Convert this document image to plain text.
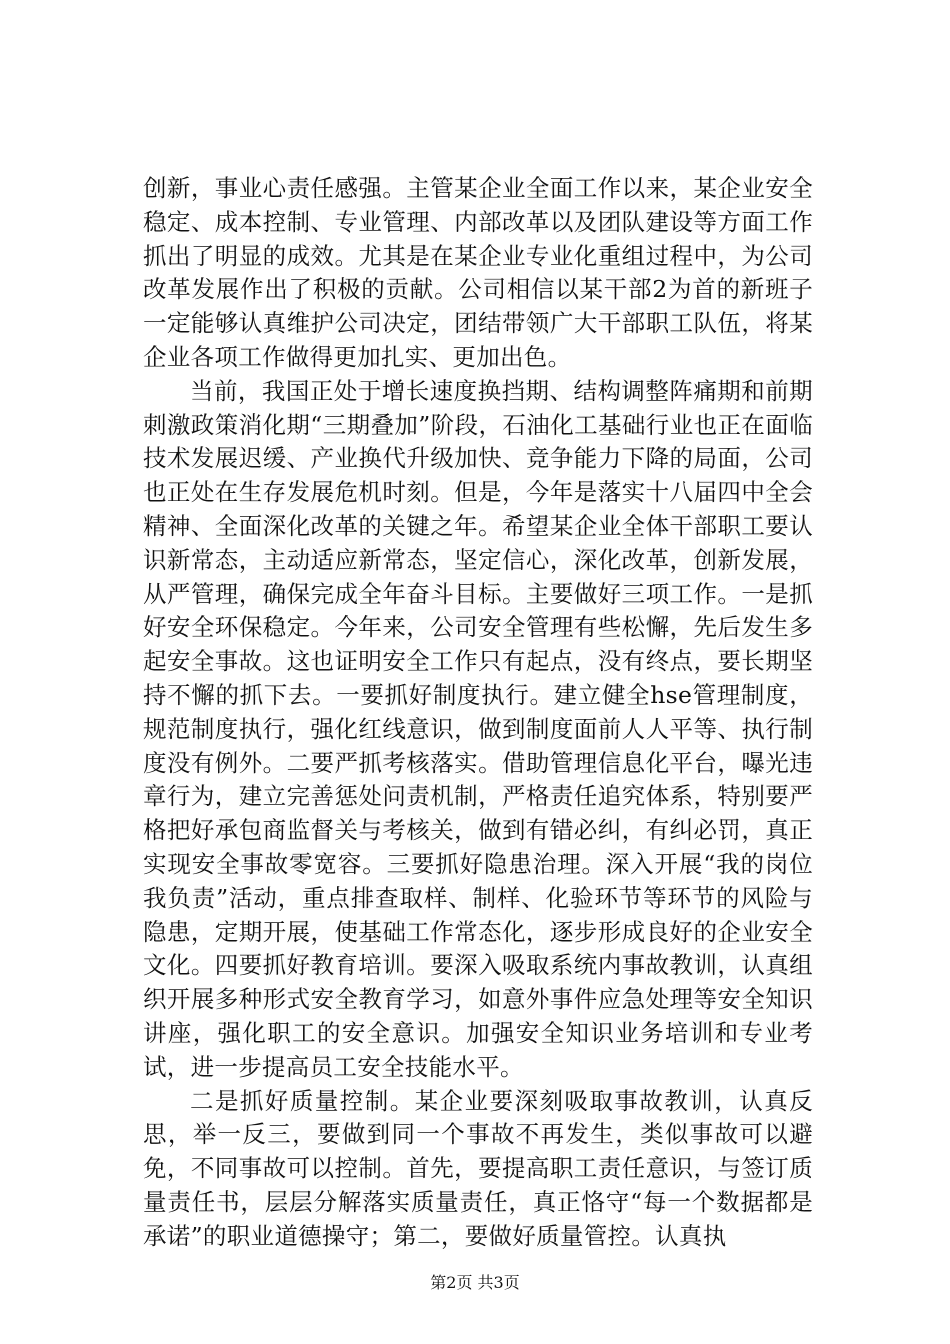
创新，事业心责任感强。主管某企业全面工作以来，某企业安全稳定、成本控制、专业管理、内部改革以及团队建设等方面工作抓出了明显的成效。尤其是在某企业专业化重组过程中，为公司改革发展作出了积极的贡献。公司相信以某干部2为首的新班子一定能够认真维护公司决定，团结带领广大干部职工队伍，将某企业各项工作做得更加扎实、更加出色。

当前，我国正处于增长速度换挡期、结构调整阵痛期和前期刺激政策消化期“三期叠加”阶段，石油化工基础行业也正在面临技术发展迟缓、产业换代升级加快、竞争能力下降的局面，公司也正处在生存发展危机时刻。但是，今年是落实十八届四中全会精神、全面深化改革的关键之年。希望某企业全体干部职工要认识新常态，主动适应新常态，坚定信心，深化改革，创新发展，从严管理，确保完成全年奋斗目标。主要做好三项工作。一是抓好安全环保稳定。今年来，公司安全管理有些松懈，先后发生多起安全事故。这也证明安全工作只有起点，没有终点，要长期坚持不懈的抓下去。一要抓好制度执行。建立健全hse管理制度，规范制度执行，强化红线意识，做到制度面前人人平等、执行制度没有例外。二要严抓考核落实。借助管理信息化平台，曝光违章行为，建立完善惩处问责机制，严格责任追究体系，特别要严格把好承包商监督关与考核关，做到有错必纠，有纠必罚，真正实现安全事故零宽容。三要抓好隐患治理。深入开展“我的岗位我负责”活动，重点排查取样、制样、化验环节等环节的风险与隐患，定期开展，使基础工作常态化，逐步形成良好的企业安全文化。四要抓好教育培训。要深入吸取系统内事故教训，认真组织开展多种形式安全教育学习，如意外事件应急处理等安全知识讲座，强化职工的安全意识。加强安全知识业务培训和专业考试，进一步提高员工安全技能水平。

二是抓好质量控制。某企业要深刻吸取事故教训，认真反思，举一反三，要做到同一个事故不再发生，类似事故可以避免，不同事故可以控制。首先，要提高职工责任意识，与签订质量责任书，层层分解落实质量责任，真正恪守“每一个数据都是承诺”的职业道德操守；第二，要做好质量管控。认真执

第2页 共3页
